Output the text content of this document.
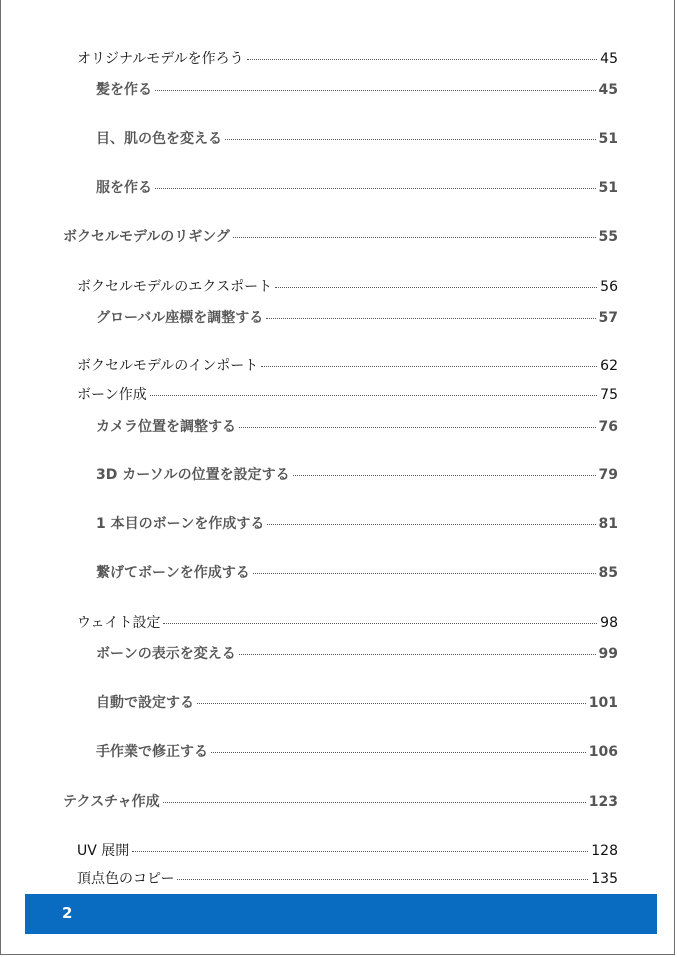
オリジナルモデルを作ろう	45
髪を作る	45
目、肌の色を変える	51
服を作る	51
ボクセルモデルのリギング	55
ボクセルモデルのエクスポート	56
グローバル座標を調整する	57
ボクセルモデルのインポート	62
ボーン作成	75
カメラ位置を調整する	76
3D カーソルの位置を設定する	79
1 本目のボーンを作成する	81
繋げてボーンを作成する	85
ウェイト設定	98
ボーンの表示を変える	99
自動で設定する	101
手作業で修正する	106
テクスチャ作成	123
UV 展開	128
頂点色のコピー	135
2
